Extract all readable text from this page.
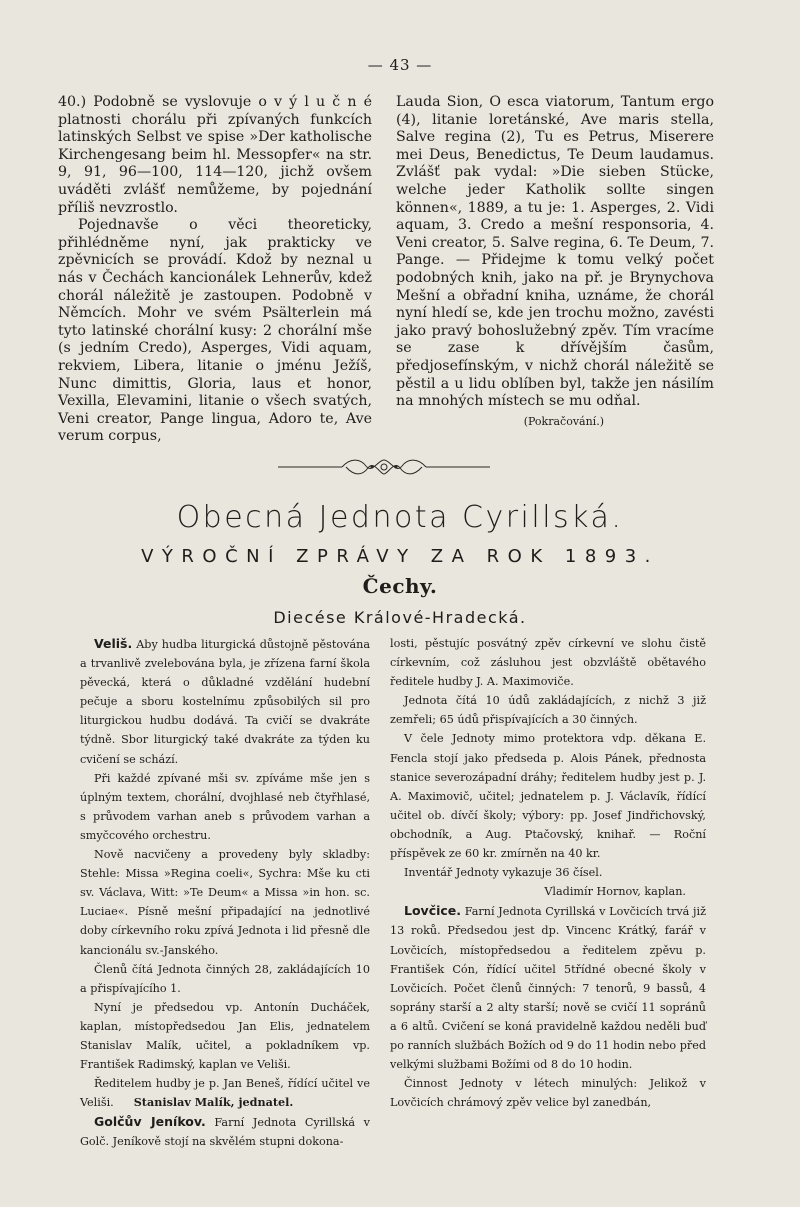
— 43 —

40.) Podobně se vyslovuje o v ý l u č n é platnosti chorálu při zpívaných funkcích latinských Selbst ve spise »Der katholische Kirchengesang beim hl. Messopfer« na str. 9, 91, 96—100, 114—120, jichž ovšem uváděti zvlášť nemůžeme, by pojednání příliš nevzrostlo.

Pojednavše o věci theoreticky, přihlédněme nyní, jak prakticky ve zpěvnicích se provádí. Kdož by neznal u nás v Čechách kancionálek Lehnerův, kdež chorál náležitě je zastoupen. Podobně v Němcích. Mohr ve svém Psälterlein má tyto latinské chorální kusy: 2 chorální mše (s jedním Credo), Asperges, Vidi aquam, rekviem, Libera, litanie o jménu Ježíš, Nunc dimittis, Gloria, laus et honor, Vexilla, Elevamini, litanie o všech svatých, Veni creator, Pange lingua, Adoro te, Ave verum corpus,

Lauda Sion, O esca viatorum, Tantum ergo (4), litanie loretánské, Ave maris stella, Salve regina (2), Tu es Petrus, Miserere mei Deus, Benedictus, Te Deum laudamus. Zvlášť pak vydal: »Die sieben Stücke, welche jeder Katholik sollte singen können«, 1889, a tu je: 1. Asperges, 2. Vidi aquam, 3. Credo a mešní responsoria, 4. Veni creator, 5. Salve regina, 6. Te Deum, 7. Pange. — Přidejme k tomu velký počet podobných knih, jako na př. je Brynychova Mešní a obřadní kniha, uznáme, že chorál nyní hledí se, kde jen trochu možno, zavésti jako pravý bohoslužebný zpěv. Tím vracíme se zase k dřívějším časům, předjosefínským, v nichž chorál náležitě se pěstil a u lidu oblíben byl, takže jen násilím na mnohých místech se mu odňal.

(Pokračování.)

Obecná Jednota Cyrillská.
VÝROČNÍ ZPRÁVY ZA ROK 1893.
Čechy.
Diecése Králové-Hradecká.

Veliš. Aby hudba liturgická důstojně pěstována a trvanlivě zvelebována byla, je zřízena farní škola pěvecká, která o důkladné vzdělání hudební pečuje a sboru kostelnímu způsobilých sil pro liturgickou hudbu dodává. Ta cvičí se dvakráte týdně. Sbor liturgický také dvakráte za týden ku cvičení se schází.

Při každé zpívané mši sv. zpíváme mše jen s úplným textem, chorální, dvojhlasé neb čtyřhlasé, s průvodem varhan aneb s průvodem varhan a smyčcového orchestru.

Nově nacvičeny a provedeny byly skladby: Stehle: Missa »Regina coeli«, Sychra: Mše ku cti sv. Václava, Witt: »Te Deum« a Missa »in hon. sc. Luciae«. Písně mešní připadající na jednotlivé doby církevního roku zpívá Jednota i lid přesně dle kancionálu sv.-Janského.

Členů čítá Jednota činných 28, zakládajících 10 a přispívajícího 1.

Nyní je předsedou vp. Antonín Ducháček, kaplan, místopředsedou Jan Elis, jednatelem Stanislav Malík, učitel, a pokladníkem vp. František Radimský, kaplan ve Veliši.

Ředitelem hudby je p. Jan Beneš, řídící učitel ve Veliši. Stanislav Malík, jednatel.

Golčův Jeníkov. Farní Jednota Cyrillská v Golč. Jeníkově stojí na skvělém stupni dokona-

losti, pěstujíc posvátný zpěv církevní ve slohu čistě církevním, což zásluhou jest obzvláště obětavého ředitele hudby J. A. Maximoviče.

Jednota čítá 10 údů zakládajících, z nichž 3 již zemřeli; 65 údů přispívajících a 30 činných.

V čele Jednoty mimo protektora vdp. děkana E. Fencla stojí jako předseda p. Alois Pánek, přednosta stanice severozápadní dráhy; ředitelem hudby jest p. J. A. Maximovič, učitel; jednatelem p. J. Václavík, řídící učitel ob. dívčí školy; výbory: pp. Josef Jindřichovský, obchodník, a Aug. Ptačovský, knihař. — Roční příspěvek ze 60 kr. zmírněn na 40 kr.

Inventář Jednoty vykazuje 36 čísel.

Vladimír Hornov, kaplan.

Lovčice. Farní Jednota Cyrillská v Lovčicích trvá již 13 roků. Předsedou jest dp. Vincenc Krátký, farář v Lovčicích, místopředsedou a ředitelem zpěvu p. František Cón, řídící učitel 5třídné obecné školy v Lovčicích. Počet členů činných: 7 tenorů, 9 bassů, 4 soprány starší a 2 alty starší; nově se cvičí 11 sopránů a 6 altů. Cvičení se koná pravidelně každou neděli buď po ranních službách Božích od 9 do 11 hodin nebo před velkými službami Božími od 8 do 10 hodin.

Činnost Jednoty v létech minulých: Jelikož v Lovčicích chrámový zpěv velice byl zanedbán,
